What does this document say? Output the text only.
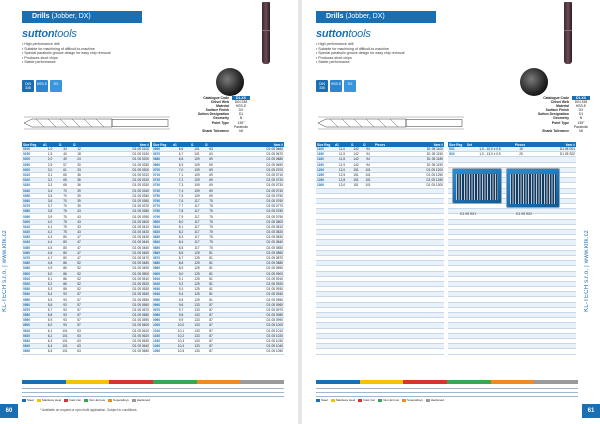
Drills (Jobber, DX)
suttontools
• High performance drill
• Suitable for machining of difficult-to-machine
• Special parabolic groove design for easy chip removal
• Produces short chips
• Stable performance
DIN 338
HSS-E	DX
Catalogue Code	D1-XX
Chisel Web	DIN 338
Material	HSS-E
Surface Finish	DX
Sutton Designation	D1
Geometry	N
Point Type	135° Parabolic
Shank Tolerance	h8
Size Reg	d1	l1	l2	Item #
0100	1,0	34	12	D1 05 0100
0150	1,5	40	18	D1 05 0150
0200	2,0	49	24	D1 05 0200
0250	2,5	57	30	D1 05 0250
0300	3,0	61	33	D1 05 0300
0310	3,1	65	36	D1 05 0310
0320	3,2	65	36	D1 05 0320
0330	3,3	65	36	D1 05 0330
0340	3,4	70	39	D1 05 0340
0350	3,5	70	39	D1 05 0350
0360	3,6	70	39	D1 05 0360
0370	3,7	70	39	D1 05 0370
0380	3,8	75	43	D1 05 0380
0390	3,9	75	43	D1 05 0390
0400	4,0	75	43	D1 05 0400
0410	4,1	75	43	D1 05 0410
0420	4,2	75	43	D1 05 0420
0430	4,3	80	47	D1 05 0430
0440	4,4	80	47	D1 05 0440
0450	4,5	80	47	D1 05 0450
0460	4,6	80	47	D1 05 0460
0470	4,7	80	47	D1 05 0470
0480	4,8	86	52	D1 05 0480
0490	4,9	86	52	D1 05 0490
0500	5,0	86	52	D1 05 0500
0510	5,1	86	52	D1 05 0510
0520	5,2	86	52	D1 05 0520
0530	5,3	86	52	D1 05 0530
0540	5,4	93	57	D1 05 0540
0550	5,5	93	57	D1 05 0550
0560	5,6	93	57	D1 05 0560
0570	5,7	93	57	D1 05 0570
0580	5,8	93	57	D1 05 0580
0590	5,9	93	57	D1 05 0590
0600	6,0	93	57	D1 05 0600
0610	6,1	101	63	D1 05 0610
0620	6,2	101	63	D1 05 0620
0630	6,3	101	63	D1 05 0630
0640	6,4	101	63	D1 05 0640
0650	6,5	101	63	D1 05 0650
Size Reg	d1	l1	l2	Item #
0660	6,6	101	63	D1 05 0660
0670	6,7	101	63	D1 05 0670
0680	6,8	109	69	D1 05 0680
0690	6,9	109	69	D1 05 0690
0700	7,0	109	69	D1 05 0700
0710	7,1	109	69	D1 05 0710
0720	7,2	109	69	D1 05 0720
0730	7,3	109	69	D1 05 0730
0740	7,4	109	69	D1 05 0740
0750	7,5	109	69	D1 05 0750
0760	7,6	117	75	D1 05 0760
0770	7,7	117	75	D1 05 0770
0780	7,8	117	75	D1 05 0780
0790	7,9	117	75	D1 05 0790
0800	8,0	117	75	D1 05 0800
0810	8,1	117	75	D1 05 0810
0820	8,2	117	75	D1 05 0820
0830	8,3	117	75	D1 05 0830
0840	8,4	117	75	D1 05 0840
0850	8,5	117	75	D1 05 0850
0860	8,6	125	81	D1 05 0860
0870	8,7	125	81	D1 05 0870
0880	8,8	125	81	D1 05 0880
0890	8,9	125	81	D1 05 0890
0900	9,0	125	81	D1 05 0900
0910	9,1	125	81	D1 05 0910
0920	9,2	125	81	D1 05 0920
0930	9,3	125	81	D1 05 0930
0940	9,4	125	81	D1 05 0940
0950	9,5	125	81	D1 05 0950
0960	9,6	133	87	D1 05 0960
0970	9,7	133	87	D1 05 0970
0980	9,8	133	87	D1 05 0980
0990	9,9	133	87	D1 05 0990
1000	10,0	133	87	D1 05 1000
1010	10,1	133	87	D1 05 1010
1020	10,2	133	87	D1 05 1020
1030	10,3	133	87	D1 05 1030
1040	10,4	133	87	D1 05 1040
1050	10,5	133	87	D1 05 1050
Steel	Stainless steel	Cast iron	Non-ferrous	Superalloys	Hardened
* Available on request or upon bulk application. Subject to conditions.
60
KL-TECH s.r.o. | www.kltk.cz
Drills (Jobber, DX)
suttontools
• High performance drill
• Suitable for machining of difficult-to-machine
• Special parabolic groove design for easy chip removal
• Produces short chips
• Stable performance
DIN 338
HSS-E	DX
Catalogue Code	D1-XX
Chisel Web	DIN 338
Material	HSS-E
Surface Finish	DX
Sutton Designation	D1
Geometry	N
Point Type	135° Parabolic
Shank Tolerance	h8
Size Reg	d1	l1	l2	Pieces	Item #
1100	11,0	142	94		D1 05 1100
1150	11,5	142	94		D1 05 1150
1180	11,8	142	94		D1 05 1180
1190	11,9	142	94		D1 05 1190
1200	12,0	151	101		D1 05 1200
1250	12,5	151	101		D1 05 1250
1280	12,8	151	101		D1 05 1280
1300	13,0	151	101		D1 05 1300

Size Reg	Set	Pieces	Item #
S01	1,0 - 10,0 x 0,5	19	D1 05 S01
S02	1,0 - 13,0 x 0,5	25	D1 05 S02

D1 05 S01	D1 05 S02
Steel	Stainless steel	Cast iron	Non-ferrous	Superalloys	Hardened
61
KL-TECH s.r.o. | www.kltk.cz
